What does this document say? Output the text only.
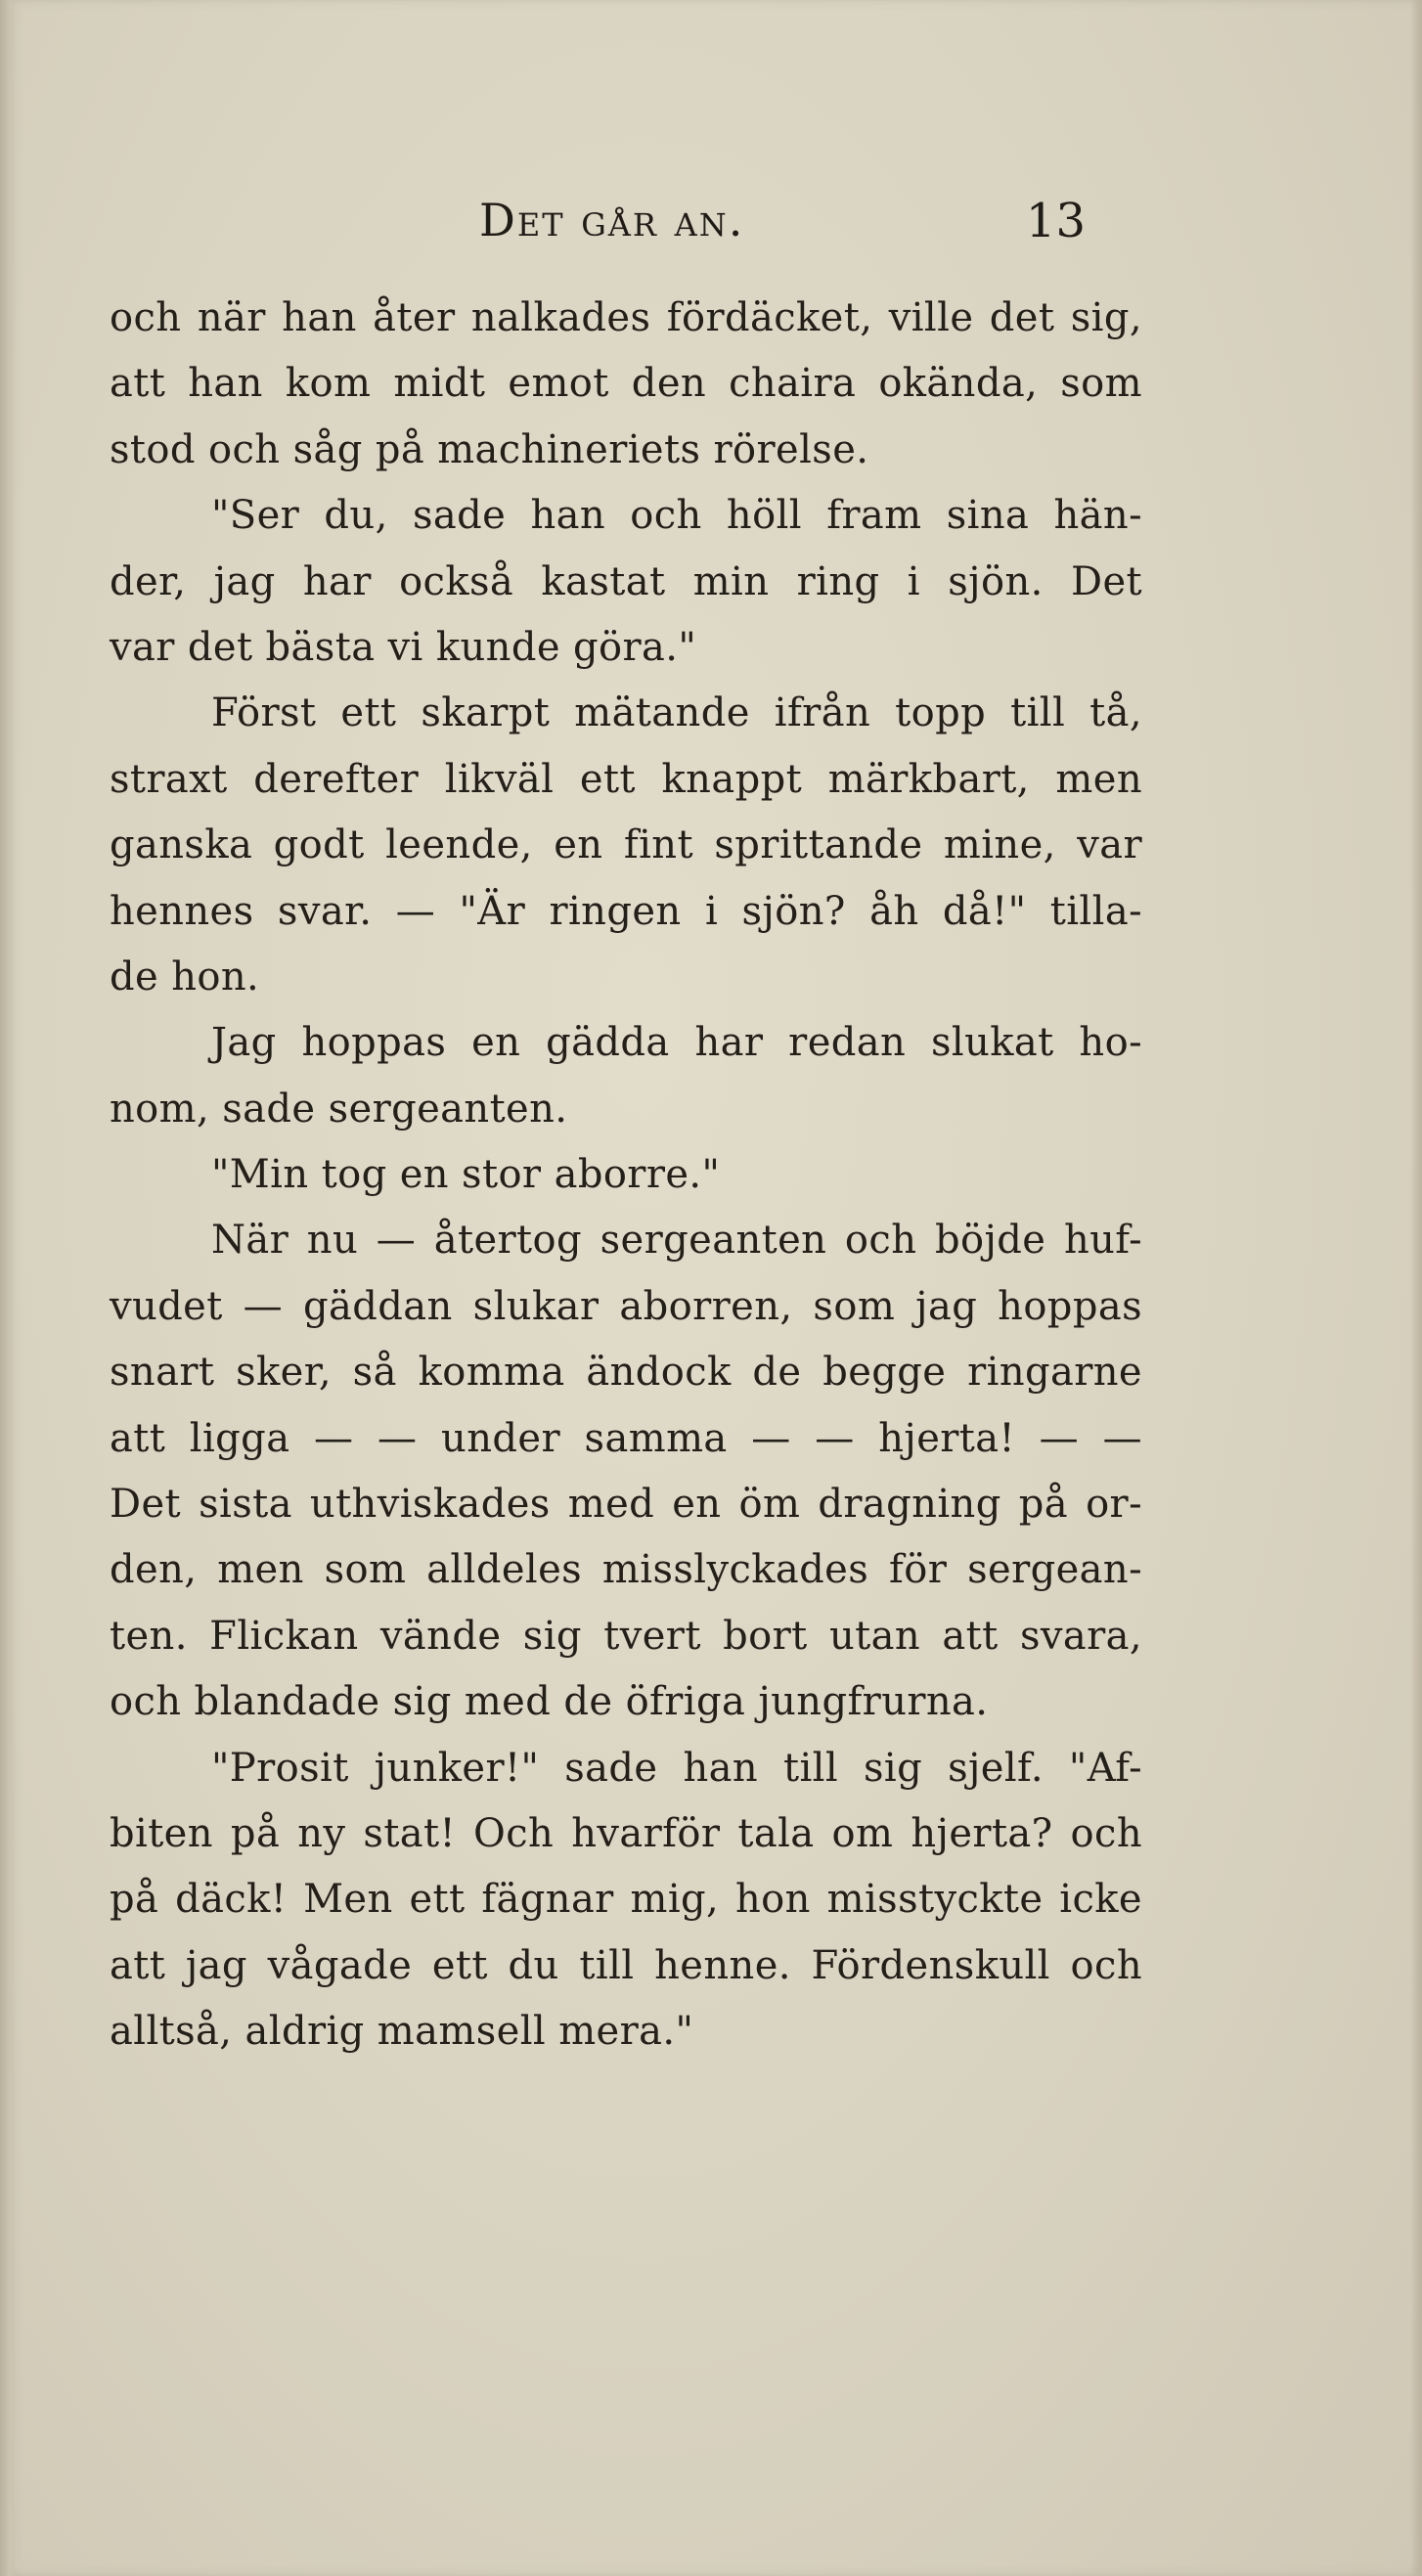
Det går an.	13
och när han åter nalkades fördäcket, ville det sig,
att han kom midt emot den chaira okända, som
stod och såg på machineriets rörelse.
"Ser du, sade han och höll fram sina hän-
der, jag har också kastat min ring i sjön. Det
var det bästa vi kunde göra."
Först ett skarpt mätande ifrån topp till tå,
straxt derefter likväl ett knappt märkbart, men
ganska godt leende, en fint sprittande mine, var
hennes svar. — "Är ringen i sjön? åh då!" tilla-
de hon.
Jag hoppas en gädda har redan slukat ho-
nom, sade sergeanten.
"Min tog en stor aborre."
När nu — återtog sergeanten och böjde huf-
vudet — gäddan slukar aborren, som jag hoppas
snart sker, så komma ändock de begge ringarne
att ligga — — under samma — — hjerta! — —
Det sista uthviskades med en öm dragning på or-
den, men som alldeles misslyckades för sergean-
ten. Flickan vände sig tvert bort utan att svara,
och blandade sig med de öfriga jungfrurna.
"Prosit junker!" sade han till sig sjelf. "Af-
biten på ny stat! Och hvarför tala om hjerta? och
på däck! Men ett fägnar mig, hon misstyckte icke
att jag vågade ett du till henne. Fördenskull och
alltså, aldrig mamsell mera."
